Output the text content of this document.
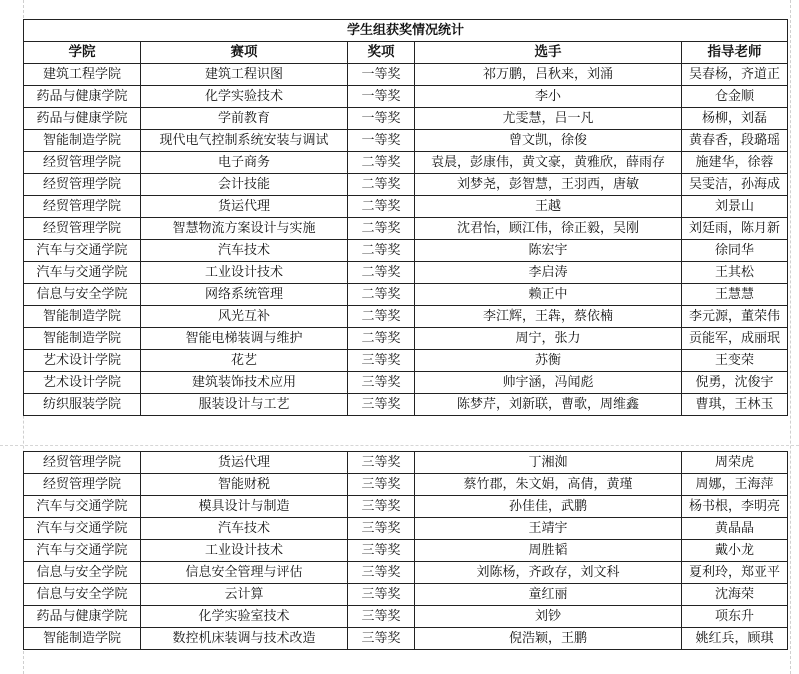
学生组获奖情况统计				
学院	赛项	奖项	选手	指导老师
建筑工程学院	建筑工程识图	一等奖	祁万鹏，吕秋来，刘涌	吴春杨，齐道正
药品与健康学院	化学实验技术	一等奖	李小	仓金顺
药品与健康学院	学前教育	一等奖	尤雯慧，吕一凡	杨柳，刘磊
智能制造学院	现代电气控制系统安装与调试	一等奖	曾文凯，徐俊	黄春香，段璐瑶
经贸管理学院	电子商务	二等奖	袁晨，彭康伟，黄文豪，黄雅欣，薛雨存	施建华，徐蓉
经贸管理学院	会计技能	二等奖	刘梦尧，彭智慧，王羽西，唐敏	吴雯洁，孙海成
经贸管理学院	货运代理	二等奖	王越	刘景山
经贸管理学院	智慧物流方案设计与实施	二等奖	沈君怡，顾江伟，徐正毅，吴刚	刘廷雨，陈月新
汽车与交通学院	汽车技术	二等奖	陈宏宇	徐同华
汽车与交通学院	工业设计技术	二等奖	李启涛	王其松
信息与安全学院	网络系统管理	二等奖	赖正中	王慧慧
智能制造学院	风光互补	二等奖	李江辉，王犇，蔡依楠	李元源，董荣伟
智能制造学院	智能电梯装调与维护	二等奖	周宁，张力	贡能军，成丽珉
艺术设计学院	花艺	三等奖	苏衡	王变荣
艺术设计学院	建筑装饰技术应用	三等奖	帅宇涵，冯闻彪	倪勇，沈俊宇
纺织服装学院	服装设计与工艺	三等奖	陈梦芹，刘新联，曹歌，周维鑫	曹琪，王林玉
经贸管理学院	货运代理	三等奖	丁湘洳	周荣虎
经贸管理学院	智能财税	三等奖	蔡竹郡，朱文娟，高倩，黄瑾	周娜，王海萍
汽车与交通学院	模具设计与制造	三等奖	孙佳佳，武鹏	杨书根，李明亮
汽车与交通学院	汽车技术	三等奖	王靖宇	黄晶晶
汽车与交通学院	工业设计技术	三等奖	周胜韬	戴小龙
信息与安全学院	信息安全管理与评估	三等奖	刘陈杨，齐政存，刘文科	夏利玲，郑亚平
信息与安全学院	云计算	三等奖	童红丽	沈海荣
药品与健康学院	化学实验室技术	三等奖	刘钞	项东升
智能制造学院	数控机床装调与技术改造	三等奖	倪浩颖，王鹏	姚红兵，顾琪
